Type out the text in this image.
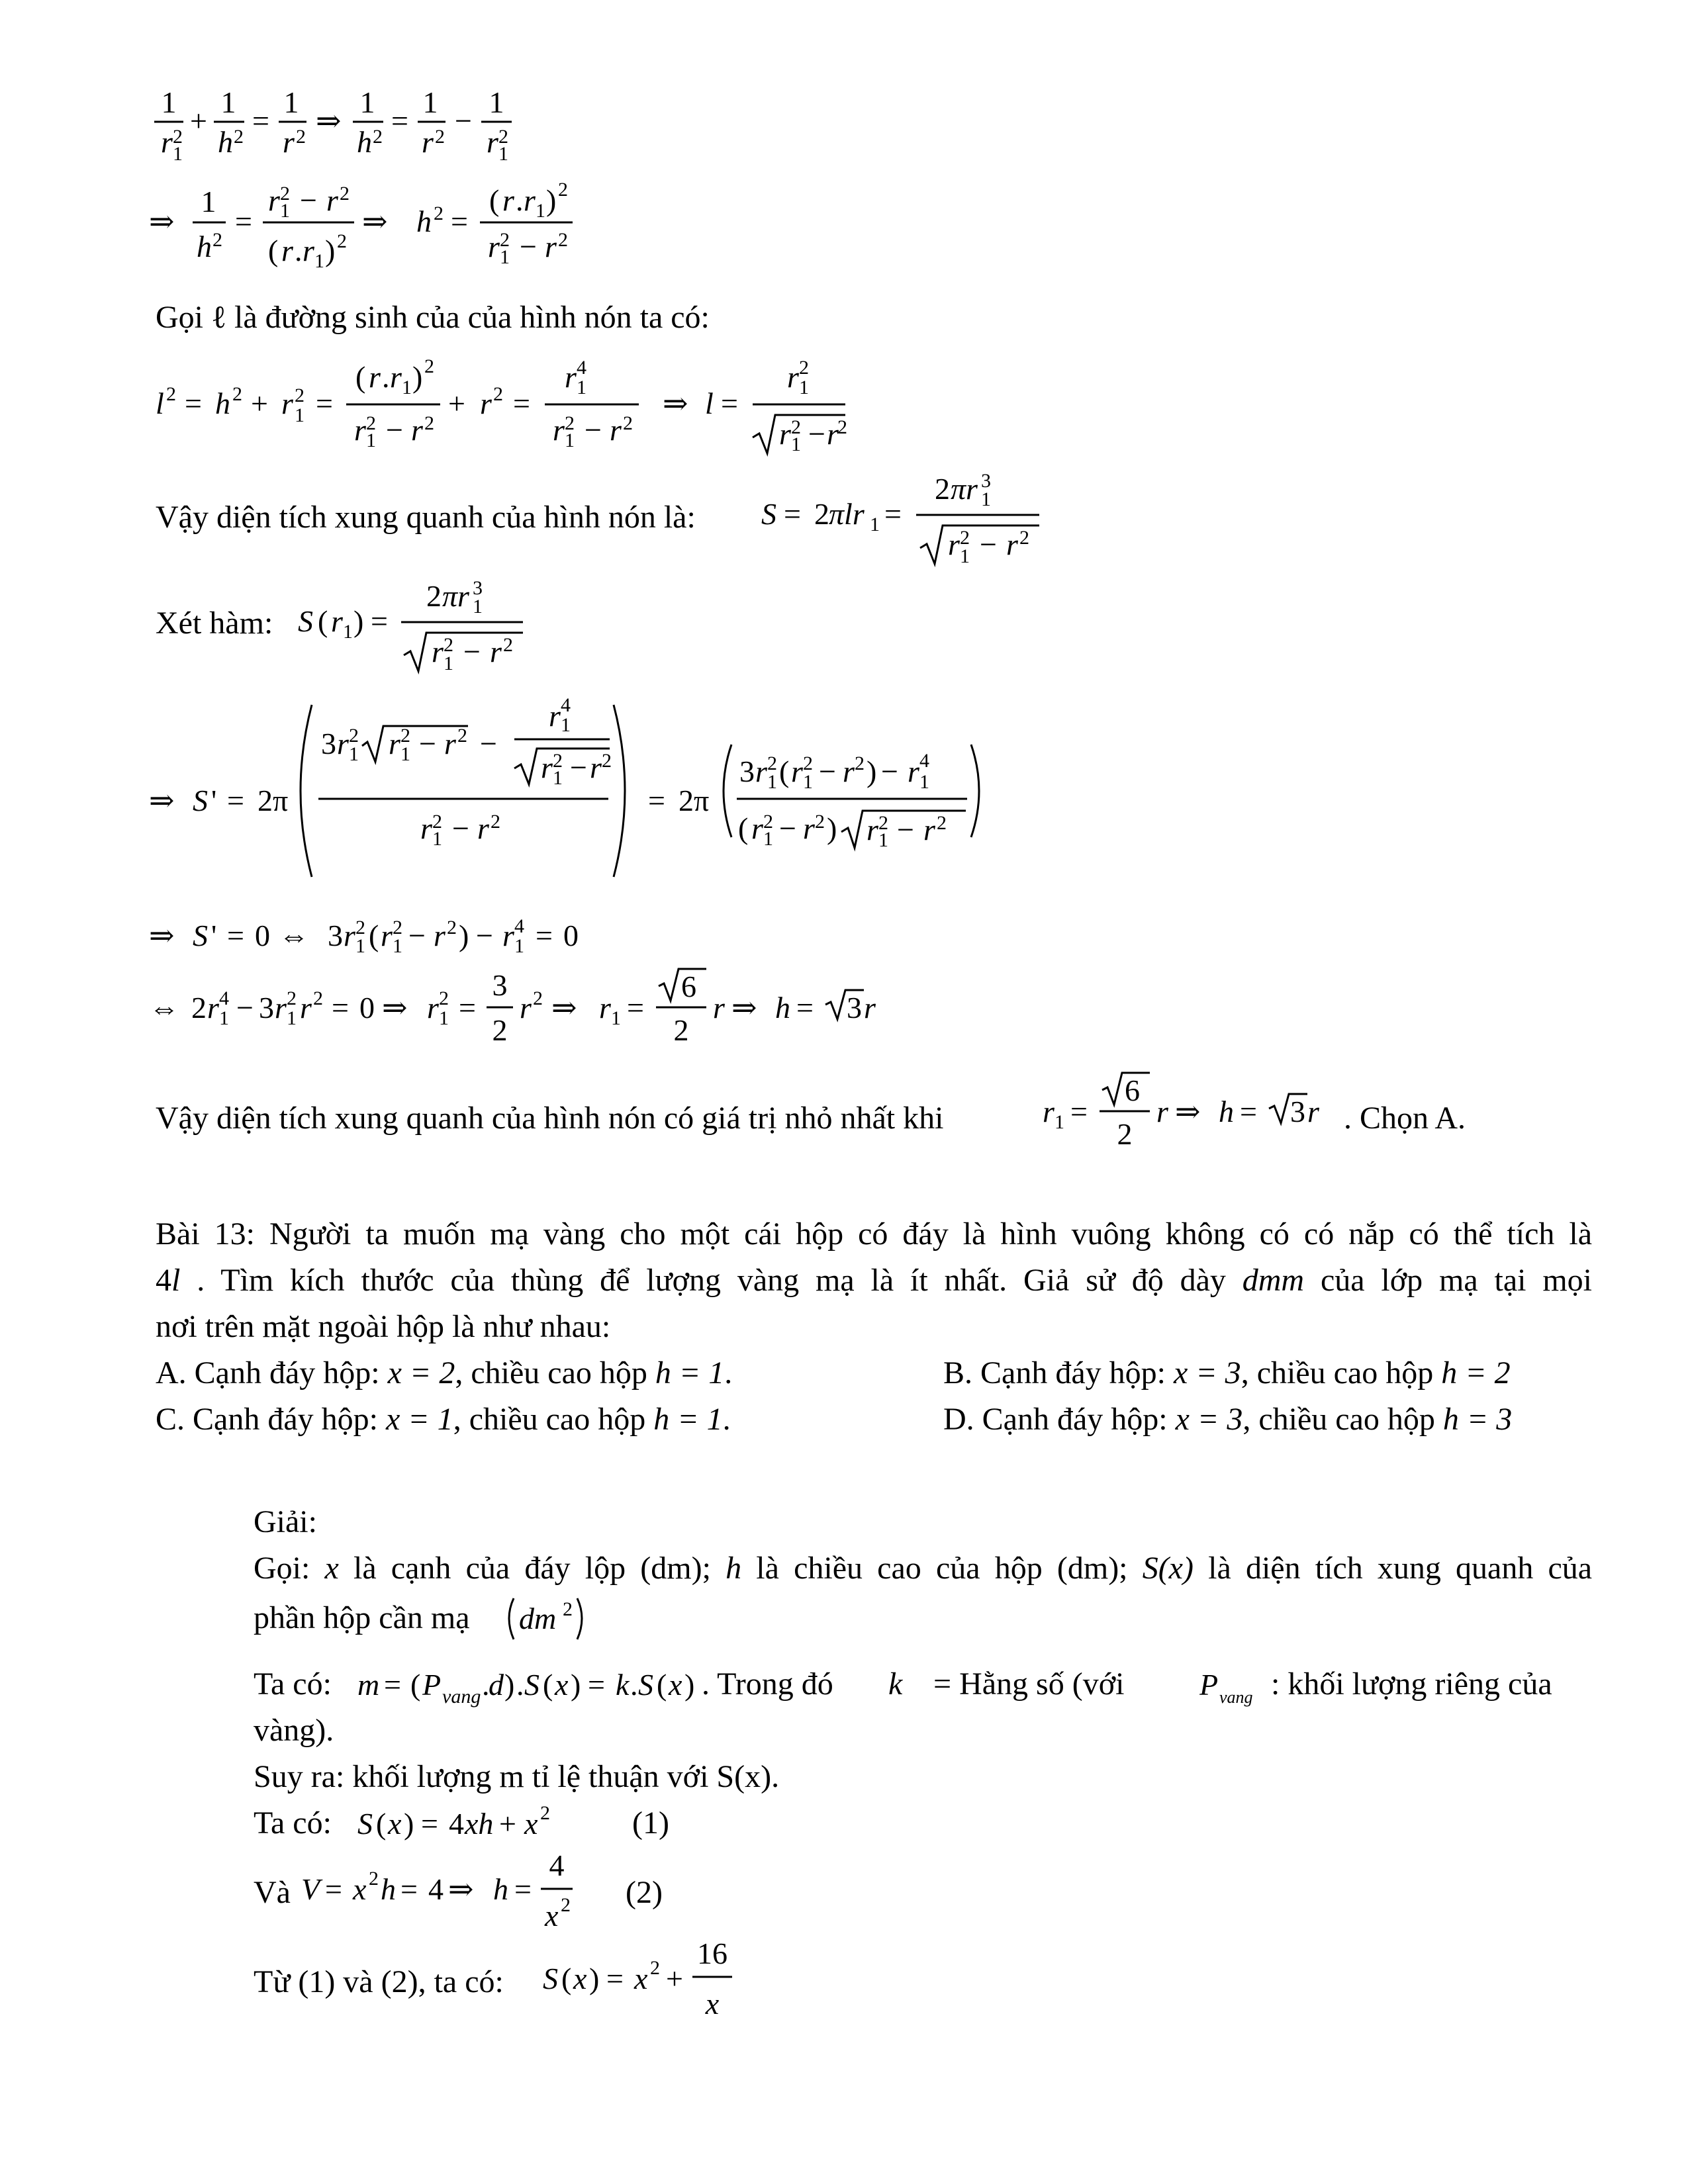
1
r 2
1
+
1
h 2 =
1
r 2 ⇒
1
h 2 =
1
r 2 −
1
r 2
1
⇒
1
h 2
=
r 2
1 − r 2
( r . r 1 ) 2
⇒ h 2 =
( r . r 1 ) 2
r 2
1 − r 2
Gọi ℓ là đường sinh của của hình nón ta có:
l 2 = h 2 + r 2
1 =
( r . r 1 ) 2
r 2
1 − r 2
+ r 2 =
r 4
1
r 2
1 − r 2
⇒ l =
r 2
1
r 2
1 − r
2
Vậy diện tích xung quanh của hình nón là: S = 2 πlr 1 =
2 πr 3
1
r 2
1 − r 2
Xét hàm: S ( r 1 ) =
2 πr 3
1
r 2
1 − r 2
⇒ S ' = 2π
3 r 2
1 r 2
1 − r 2 −
r 4
1
r 2
1 − r 2
r 2
1 − r 2
= 2π
3 r 2
1 ( r 2
1 − r 2 ) − r 4
1
( r 2
1 − r 2 ) r 2
1 − r 2
⇒ S ' = 0 ⇔ 3 r 2
1 ( r 2
1 − r 2 ) − r 4
1 = 0
⇔ 2 r 4
1 − 3 r 2
1 r 2 = 0 ⇒ r 2
1 =
3
2
r 2 ⇒ r 1 =
6
2
r ⇒ h = 3 r
Vậy diện tích xung quanh của hình nón có giá trị nhỏ nhất khi	r 1 =
6
2
r ⇒ h = 3 r . Chọn A.
Bài 13: Người ta muốn mạ vàng cho một cái hộp có đáy là hình vuông không có có nắp có thể tích là
4l . Tìm kích thước của thùng để lượng vàng mạ là ít nhất. Giả sử độ dày dmm của lớp mạ tại mọi
nơi trên mặt ngoài hộp là như nhau:
A. Cạnh đáy hộp: x = 2, chiều cao hộp h = 1.	B. Cạnh đáy hộp: x = 3, chiều cao hộp h = 2
C. Cạnh đáy hộp: x = 1, chiều cao hộp h = 1.	D. Cạnh đáy hộp: x = 3, chiều cao hộp h = 3
Giải:
Gọi: x là cạnh của đáy lộp (dm); h là chiều cao của hộp (dm); S(x) là diện tích xung quanh của
phần hộp cần mạ dm 2
Ta có: m = ( P vang .
d ) . S ( x ) = k . S ( x ) . Trong đó k = Hằng số (với P vang : khối lượng riêng của
vàng).
Suy ra: khối lượng m tỉ lệ thuận với S(x).
Ta có: S ( x ) = 4 xh + x 2	(1)
Và V = x 2 h = 4 ⇒ h =
4
x 2 (2)
Từ (1) và (2), ta có: S ( x ) = x 2 +
16
x
